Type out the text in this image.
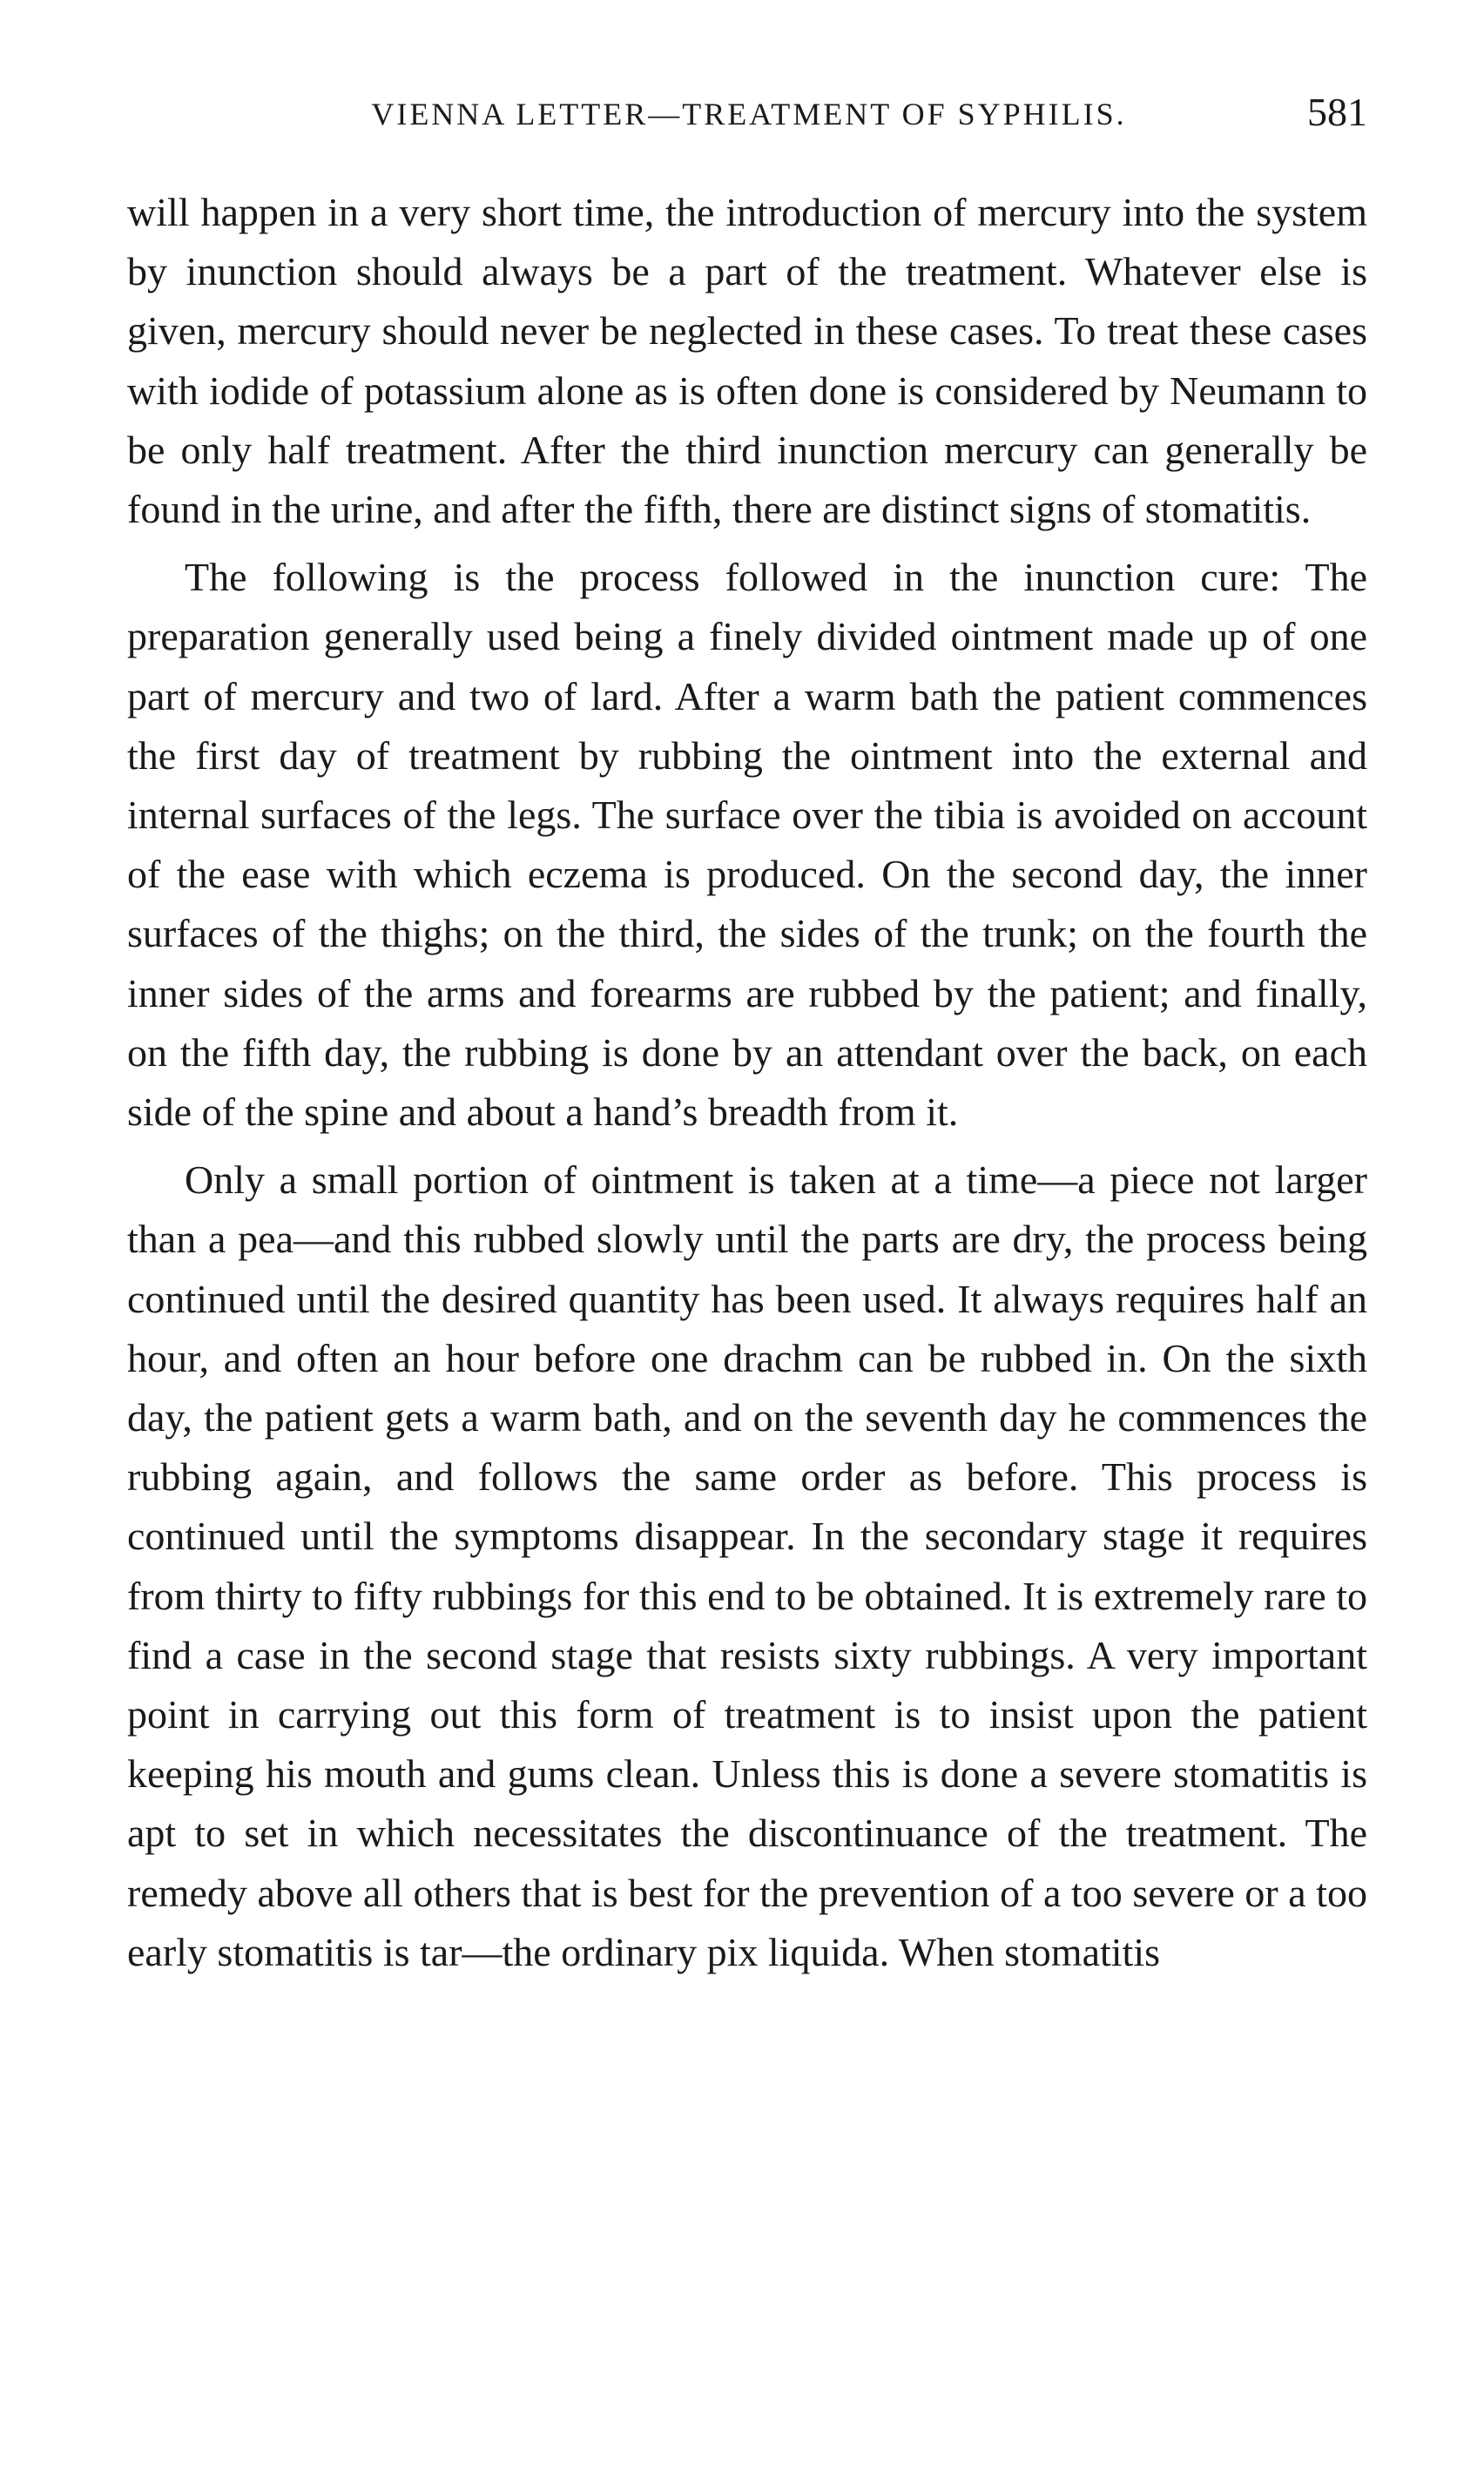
VIENNA LETTER—TREATMENT OF SYPHILIS.	581

will happen in a very short time, the introduction of mercury into the system by inunction should always be a part of the treatment. Whatever else is given, mercury should never be neglected in these cases. To treat these cases with iodide of potassium alone as is often done is considered by Neumann to be only half treatment. After the third inunction mercury can generally be found in the urine, and after the fifth, there are distinct signs of stomatitis.

The following is the process followed in the inunction cure: The preparation generally used being a finely divided ointment made up of one part of mercury and two of lard. After a warm bath the patient commences the first day of treatment by rubbing the ointment into the external and internal surfaces of the legs. The surface over the tibia is avoided on account of the ease with which eczema is produced. On the second day, the inner surfaces of the thighs; on the third, the sides of the trunk; on the fourth the inner sides of the arms and forearms are rubbed by the patient; and finally, on the fifth day, the rubbing is done by an attendant over the back, on each side of the spine and about a hand’s breadth from it.

Only a small portion of ointment is taken at a time—a piece not larger than a pea—and this rubbed slowly until the parts are dry, the process being continued until the desired quantity has been used. It always requires half an hour, and often an hour before one drachm can be rubbed in. On the sixth day, the patient gets a warm bath, and on the seventh day he commences the rubbing again, and follows the same order as before. This process is continued until the symptoms disappear. In the secondary stage it requires from thirty to fifty rubbings for this end to be obtained. It is extremely rare to find a case in the second stage that resists sixty rubbings. A very important point in carrying out this form of treatment is to insist upon the patient keeping his mouth and gums clean. Unless this is done a severe stomatitis is apt to set in which necessitates the discontinuance of the treatment. The remedy above all others that is best for the prevention of a too severe or a too early stomatitis is tar—the ordinary pix liquida. When stomatitis
